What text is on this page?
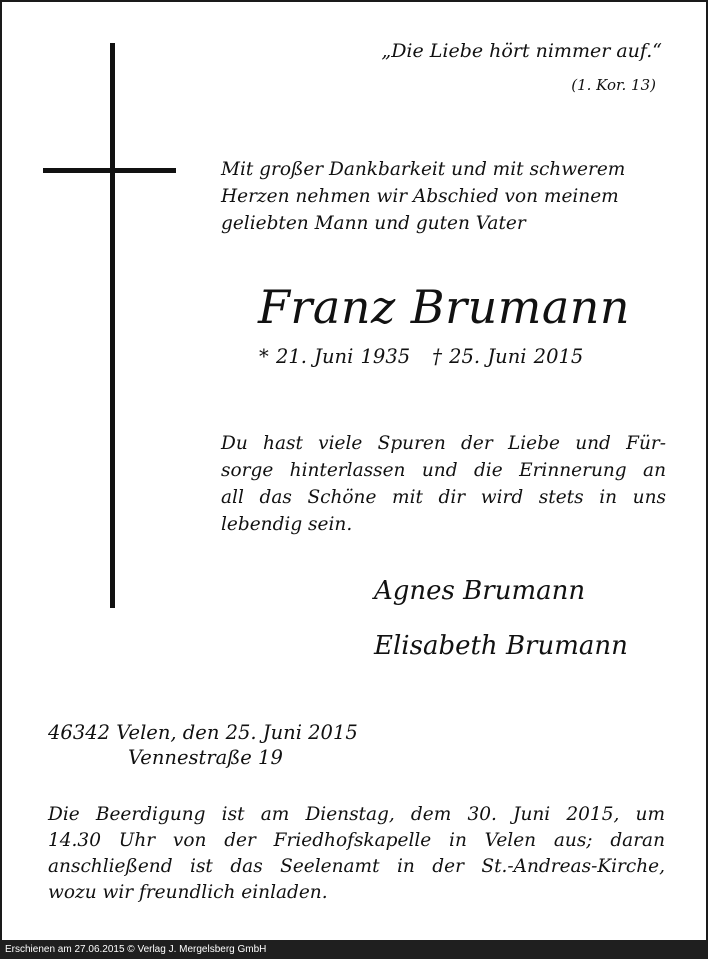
„Die Liebe hört nimmer auf.“
(1. Kor. 13)
Mit großer Dankbarkeit und mit schwerem
Herzen nehmen wir Abschied von meinem
geliebten Mann und guten Vater
Franz Brumann
* 21. Juni 1935 † 25. Juni 2015
Du hast viele Spuren der Liebe und Für-
sorge hinterlassen und die Erinnerung an
all das Schöne mit dir wird stets in uns
lebendig sein.
Agnes Brumann
Elisabeth Brumann
46342 Velen, den 25. Juni 2015
Vennestraße 19
Die Beerdigung ist am Dienstag, dem 30. Juni 2015, um
14.30 Uhr von der Friedhofskapelle in Velen aus; daran
anschließend ist das Seelenamt in der St.-Andreas-Kirche,
wozu wir freundlich einladen.
Erschienen am 27.06.2015 © Verlag J. Mergelsberg GmbH
